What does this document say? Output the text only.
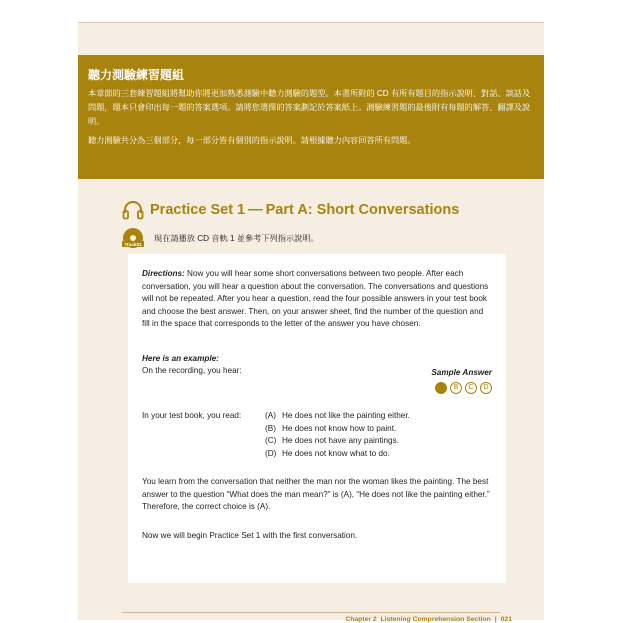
聽力測驗練習題組
本章節的三套練習題組將幫助你將更加熟悉測驗中聽力測驗的題型。本書所附的 CD 有所有題目的指示說明、對話、談話及問題，題本只會印出每一題的答案選項。請將您選擇的答案劃記於答案紙上。測驗練習題的最後附有每題的解答、翻譯及說明。
聽力測驗共分為三個部分，每一部分皆有個別的指示說明。請根據聽力內容回答所有問題。
Practice Set 1 — Part A: Short Conversations
Track01
現在請播放 CD 音軌 1 並參考下列指示說明。

Directions: Now you will hear some short conversations between two people. After each conversation, you will hear a question about the conversation. The conversations and questions will not be repeated. After you hear a question, read the four possible answers in your test book and choose the best answer. Then, on your answer sheet, find the number of the question and fill in the space that corresponds to the letter of the answer you have chosen.

Here is an example:
On the recording, you hear:	Sample Answer
B	C	D
In your test book, you read:	(A) He does not like the painting either.
(B) He does not know how to paint.
(C) He does not have any paintings.
(D) He does not know what to do.

You learn from the conversation that neither the man nor the woman likes the painting. The best answer to the question “What does the man mean?” is (A), “He does not like the painting either.” Therefore, the correct choice is (A).

Now we will begin Practice Set 1 with the first conversation.

Chapter 2 Listening Comprehension Section | 021
